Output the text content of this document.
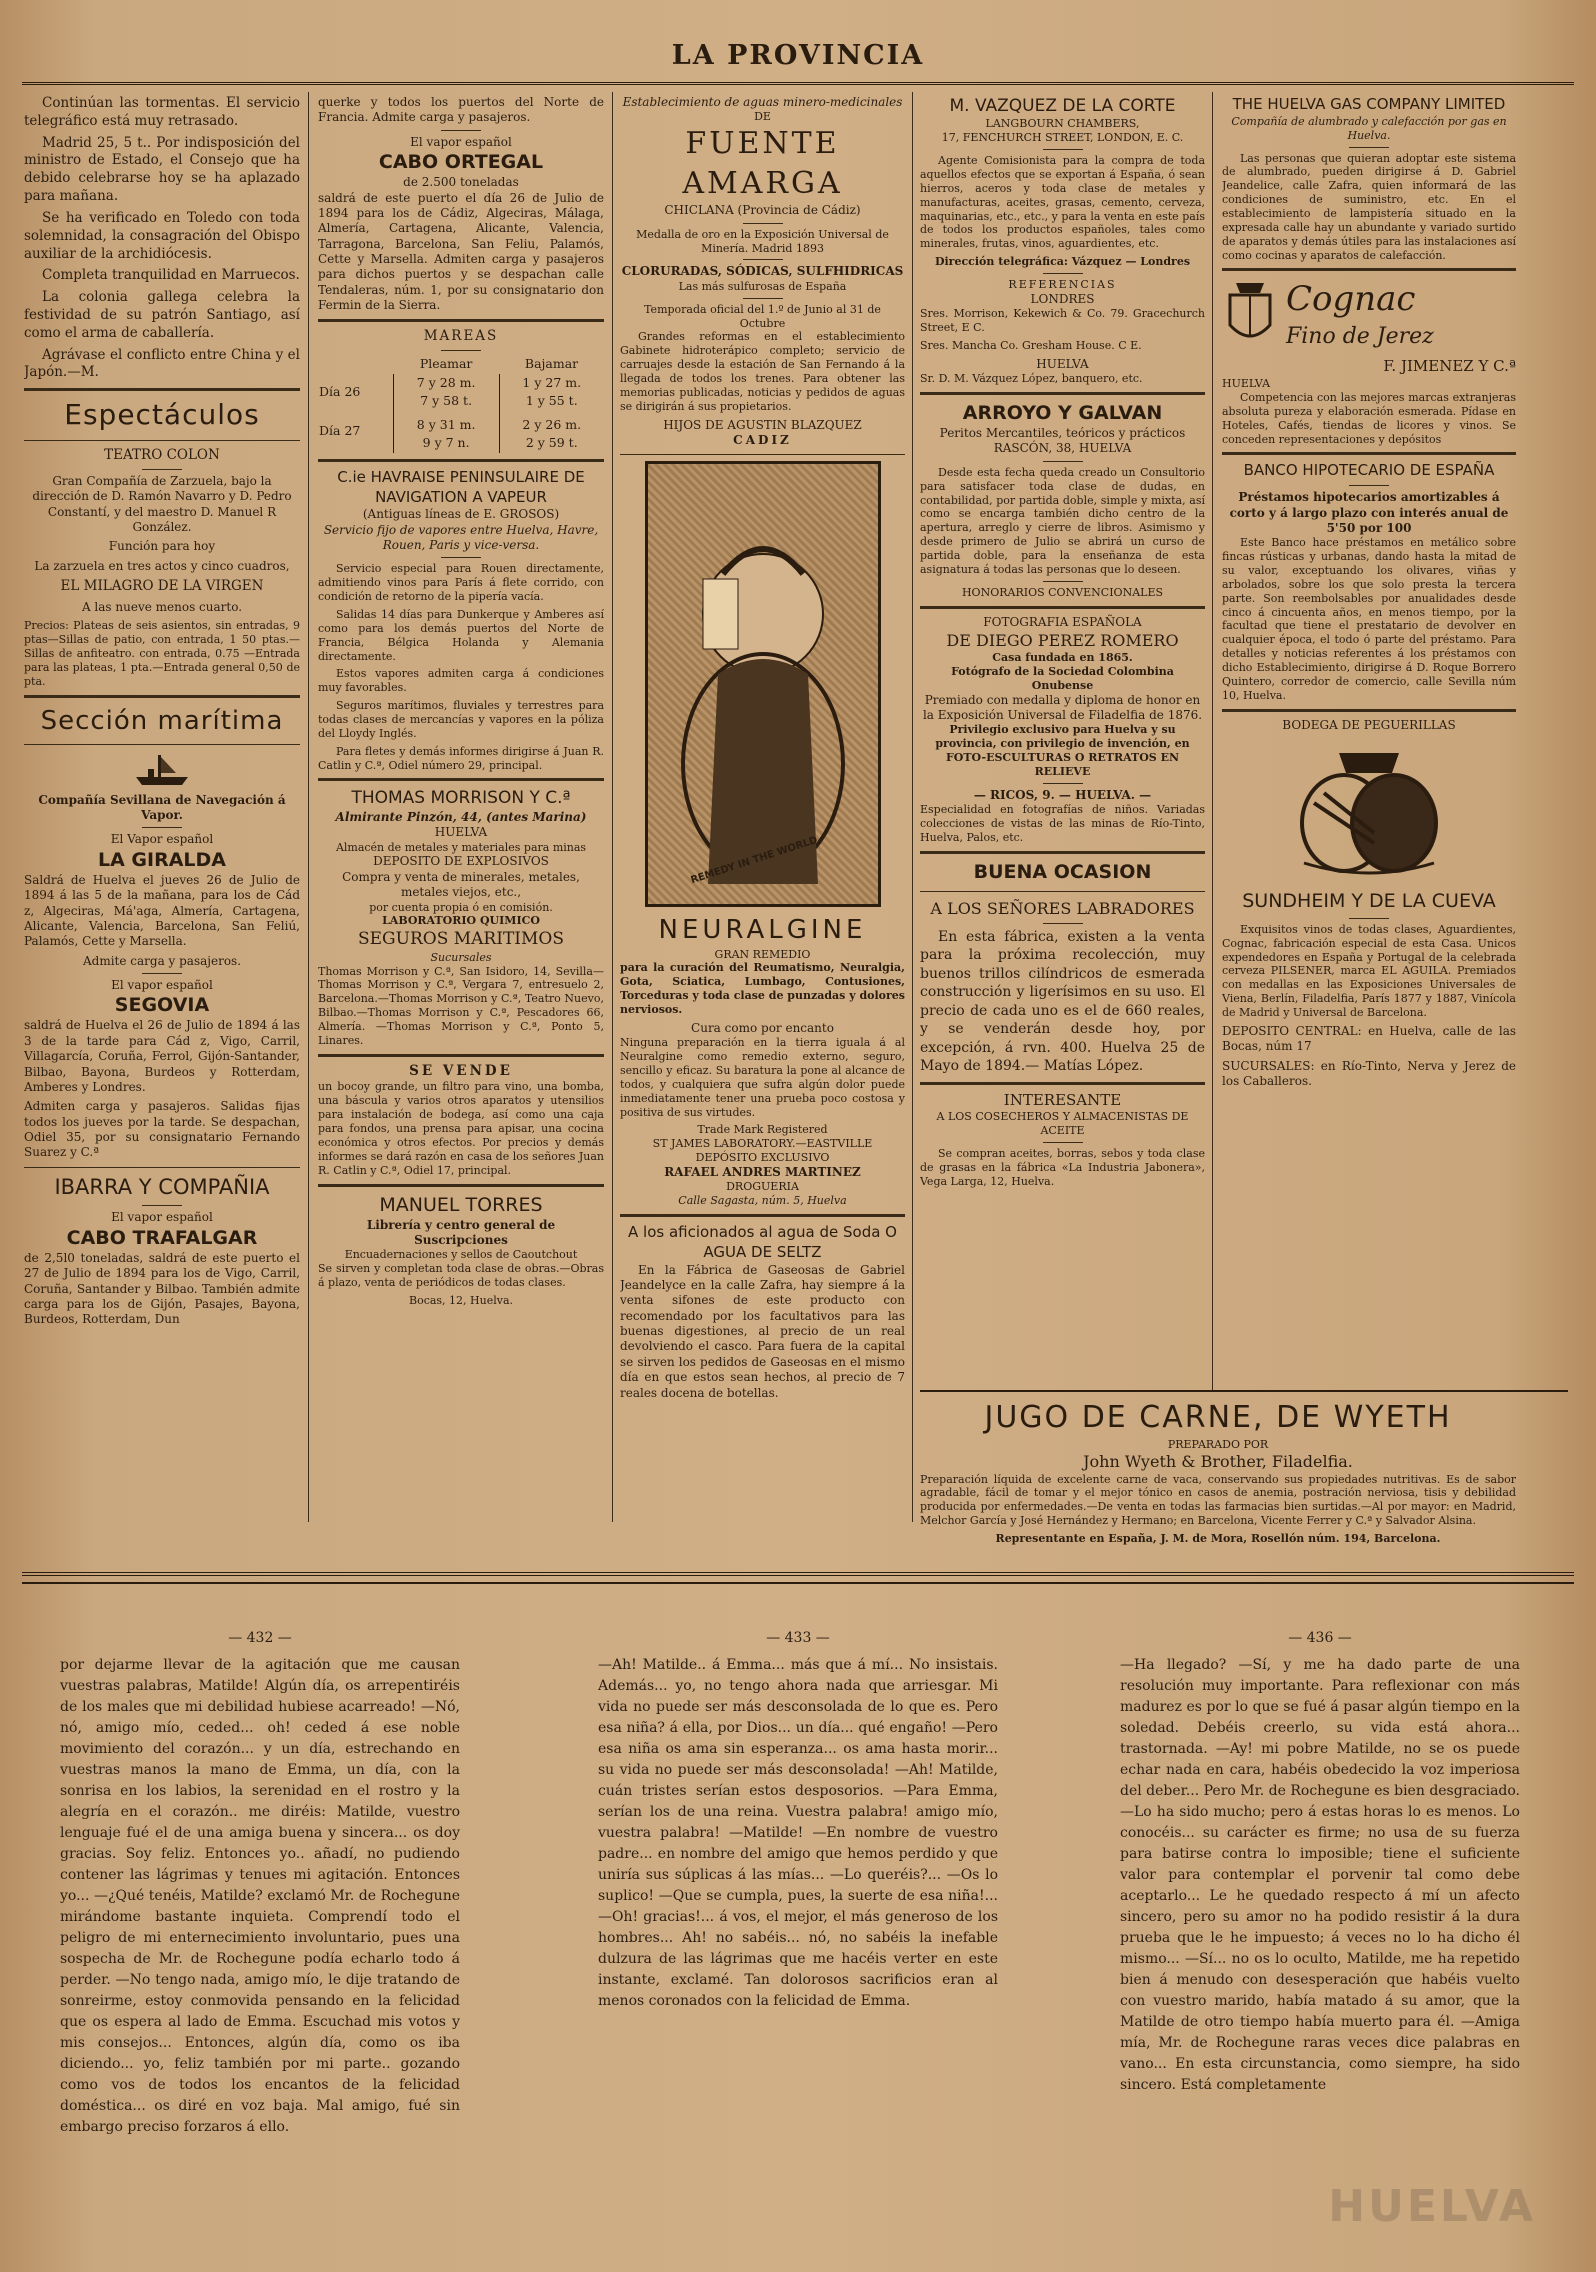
LA PROVINCIA

Continúan las tormentas. El servicio telegráfico está muy retrasado.

Madrid 25, 5 t.. Por indisposición del ministro de Estado, el Consejo que ha debido celebrarse hoy se ha aplazado para mañana.

Se ha verificado en Toledo con toda solemnidad, la consagración del Obispo auxiliar de la archidiócesis.

Completa tranquilidad en Marruecos.

La colonia gallega celebra la festividad de su patrón Santiago, así como el arma de caballería.

Agrávase el conflicto entre China y el Japón.—M.

Espectáculos
TEATRO COLON

Gran Compañía de Zarzuela, bajo la dirección de D. Ramón Navarro y D. Pedro Constantí, y del maestro D. Manuel R González.

Función para hoy

La zarzuela en tres actos y cinco cuadros,

EL MILAGRO DE LA VIRGEN

A las nueve menos cuarto.

Precios: Plateas de seis asientos, sin entradas, 9 ptas—Sillas de patio, con entrada, 1 50 ptas.—Sillas de anfiteatro. con entrada, 0.75 —Entrada para las plateas, 1 pta.—Entrada general 0,50 de pta.

Sección marítima
Compañía Sevillana de Navegación á Vapor.
El Vapor español
LA GIRALDA

Saldrá de Huelva el jueves 26 de Julio de 1894 á las 5 de la mañana, para los de Cád z, Algeciras, Má'aga, Almería, Cartagena, Alicante, Valencia, Barcelona, San Feliú, Palamós, Cette y Marsella.

Admite carga y pasajeros.

El vapor español
SEGOVIA

saldrá de Huelva el 26 de Julio de 1894 á las 3 de la tarde para Cád z, Vigo, Carril, Villagarcía, Coruña, Ferrol, Gijón-Santander, Bilbao, Bayona, Burdeos y Rotterdam, Amberes y Londres.

Admiten carga y pasajeros. Salidas fijas todos los jueves por la tarde. Se despachan, Odiel 35, por su consignatario Fernando Suarez y C.ª

IBARRA Y COMPAÑIA
El vapor español
CABO TRAFALGAR

de 2,5l0 toneladas, saldrá de este puerto el 27 de Julio de 1894 para los de Vigo, Carril, Coruña, Santander y Bilbao. También admite carga para los de Gijón, Pasajes, Bayona, Burdeos, Rotterdam, Dun

querke y todos los puertos del Norte de Francia. Admite carga y pasajeros.

El vapor español
CABO ORTEGAL
de 2.500 toneladas

saldrá de este puerto el día 26 de Julio de 1894 para los de Cádiz, Algeciras, Málaga, Almería, Cartagena, Alicante, Valencia, Tarragona, Barcelona, San Feliu, Palamós, Cette y Marsella. Admiten carga y pasajeros para dichos puertos y se despachan calle Tendaleras, núm. 1, por su consignatario don Fermin de la Sierra.

MAREAS
	Pleamar	Bajamar
Día 26	7 y 28 m.	1 y 27 m.
	7 y 58 t.	1 y 55 t.
Día 27	8 y 31 m.	2 y 26 m.
	9 y 7 n.	2 y 59 t.
C.ie HAVRAISE PENINSULAIRE DE NAVIGATION A VAPEUR
(Antiguas líneas de E. GROSOS)
Servicio fijo de vapores entre Huelva, Havre, Rouen, Paris y vice-versa.

Servicio especial para Rouen directamente, admitiendo vinos para París á flete corrido, con condición de retorno de la pipería vacía.

Salidas 14 días para Dunkerque y Amberes así como para los demás puertos del Norte de Francia, Bélgica Holanda y Alemania directamente.

Estos vapores admiten carga á condiciones muy favorables.

Seguros marítimos, fluviales y terrestres para todas clases de mercancías y vapores en la póliza del Lloydy Inglés.

Para fletes y demás informes dirigirse á Juan R. Catlin y C.ª, Odiel número 29, principal.

THOMAS MORRISON Y C.ª
Almirante Pinzón, 44, (antes Marina)
HUELVA
Almacén de metales y materiales para minas
DEPOSITO DE EXPLOSIVOS
Compra y venta de minerales, metales, metales viejos, etc.,
por cuenta propia ó en comisión.
LABORATORIO QUIMICO
SEGUROS MARITIMOS
Sucursales

Thomas Morrison y C.ª, San Isidoro, 14, Sevilla—Thomas Morrison y C.ª, Vergara 7, entresuelo 2, Barcelona.—Thomas Morrison y C.ª, Teatro Nuevo, Bilbao.—Thomas Morrison y C.ª, Pescadores 66, Almería. —Thomas Morrison y C.ª, Ponto 5, Linares.

SE VENDE

un bocoy grande, un filtro para vino, una bomba, una báscula y varios otros aparatos y utensilios para instalación de bodega, así como una caja para fondos, una prensa para apisar, una cocina económica y otros efectos. Por precios y demás informes se dará razón en casa de los señores Juan R. Catlin y C.ª, Odiel 17, principal.

MANUEL TORRES
Librería y centro general de Suscripciones
Encuadernaciones y sellos de Caoutchout

Se sirven y completan toda clase de obras.—Obras á plazo, venta de periódicos de todas clases.

Bocas, 12, Huelva.
Establecimiento de aguas minero-medicinales
DE
FUENTE AMARGA
CHICLANA (Provincia de Cádiz)
Medalla de oro en la Exposición Universal de Minería. Madrid 1893
CLORURADAS, SÓDICAS, SULFHIDRICAS
Las más sulfurosas de España
Temporada oficial del 1.º de Junio al 31 de Octubre

Grandes reformas en el establecimiento Gabinete hidroterápico completo; servicio de carruajes desde la estación de San Fernando á la llegada de todos los trenes. Para obtener las memorias publicadas, noticias y pedidos de aguas se dirigirán á sus propietarios.

HIJOS DE AGUSTIN BLAZQUEZ
CADIZ
REMEDY IN THE WORLD
NEURALGINE
GRAN REMEDIO

para la curación del Reumatismo, Neuralgia, Gota, Sciatica, Lumbago, Contusiones, Torceduras y toda clase de punzadas y dolores nerviosos.

Cura como por encanto

Ninguna preparación en la tierra iguala á al Neuralgine como remedio externo, seguro, sencillo y eficaz. Su baratura la pone al alcance de todos, y cualquiera que sufra algún dolor puede inmediatamente tener una prueba poco costosa y positiva de sus virtudes.

Trade Mark Registered
ST JAMES LABORATORY.—EASTVILLE
DEPÓSITO EXCLUSIVO
RAFAEL ANDRES MARTINEZ
DROGUERIA
Calle Sagasta, núm. 5, Huelva
A los aficionados al agua de Soda O AGUA DE SELTZ

En la Fábrica de Gaseosas de Gabriel Jeandelyce en la calle Zafra, hay siempre á la venta sifones de este producto con recomendado por los facultativos para las buenas digestiones, al precio de un real devolviendo el casco. Para fuera de la capital se sirven los pedidos de Gaseosas en el mismo día en que estos sean hechos, al precio de 7 reales docena de botellas.

M. VAZQUEZ DE LA CORTE
LANGBOURN CHAMBERS,
17, FENCHURCH STREET, LONDON, E. C.

Agente Comisionista para la compra de toda aquellos efectos que se exportan á España, ó sean hierros, aceros y toda clase de metales y manufacturas, aceites, grasas, cemento, cerveza, maquinarias, etc., etc., y para la venta en este país de todos los productos españoles, tales como minerales, frutas, vinos, aguardientes, etc.

Dirección telegráfica: Vázquez — Londres
REFERENCIAS
LONDRES

Sres. Morrison, Kekewich & Co. 79. Gracechurch Street, E C.

Sres. Mancha Co. Gresham House. C E.

HUELVA

Sr. D. M. Vázquez López, banquero, etc.

ARROYO Y GALVAN
Peritos Mercantiles, teóricos y prácticos
RASCÓN, 38, HUELVA

Desde esta fecha queda creado un Consultorio para satisfacer toda clase de dudas, en contabilidad, por partida doble, simple y mixta, así como se encarga también dicho centro de la apertura, arreglo y cierre de libros. Asimismo y desde primero de Julio se abrirá un curso de partida doble, para la enseñanza de esta asignatura á todas las personas que lo deseen.

HONORARIOS CONVENCIONALES
FOTOGRAFIA ESPAÑOLA
DE DIEGO PEREZ ROMERO
Casa fundada en 1865.
Fotógrafo de la Sociedad Colombina Onubense
Premiado con medalla y diploma de honor en la Exposición Universal de Filadelfia de 1876.
Privilegio exclusivo para Huelva y su provincia, con privilegio de invención, en
FOTO-ESCULTURAS O RETRATOS EN RELIEVE
— RICOS, 9. — HUELVA. —

Especialidad en fotografías de niños. Variadas colecciones de vistas de las minas de Río-Tinto, Huelva, Palos, etc.

BUENA OCASION
A LOS SEÑORES LABRADORES

En esta fábrica, existen a la venta para la próxima recolección, muy buenos trillos cilíndricos de esmerada construcción y ligerísimos en su uso. El precio de cada uno es el de 660 reales, y se venderán desde hoy, por excepción, á rvn. 400. Huelva 25 de Mayo de 1894.— Matías López.

INTERESANTE
A LOS COSECHEROS Y ALMACENISTAS DE ACEITE

Se compran aceites, borras, sebos y toda clase de grasas en la fábrica «La Industria Jabonera», Vega Larga, 12, Huelva.

THE HUELVA GAS COMPANY LIMITED
Compañía de alumbrado y calefacción por gas en Huelva.

Las personas que quieran adoptar este sistema de alumbrado, pueden dirigirse á D. Gabriel Jeandelice, calle Zafra, quien informará de las condiciones de suministro, etc. En el establecimiento de lampistería situado en la expresada calle hay un abundante y variado surtido de aparatos y demás útiles para las instalaciones así como cocinas y aparatos de calefacción.

Cognac
Fino de Jerez
F. JIMENEZ Y C.ª
HUELVA

Competencia con las mejores marcas extranjeras absoluta pureza y elaboración esmerada. Pídase en Hoteles, Cafés, tiendas de licores y vinos. Se conceden representaciones y depósitos

BANCO HIPOTECARIO DE ESPAÑA
Préstamos hipotecarios amortizables á corto y á largo plazo con interés anual de 5'50 por 100

Este Banco hace préstamos en metálico sobre fincas rústicas y urbanas, dando hasta la mitad de su valor, exceptuando los olivares, viñas y arbolados, sobre los que solo presta la tercera parte. Son reembolsables por anualidades desde cinco á cincuenta años, en menos tiempo, por la facultad que tiene el prestatario de devolver en cualquier época, el todo ó parte del préstamo. Para detalles y noticias referentes á los préstamos con dicho Establecimiento, dirigirse á D. Roque Borrero Quintero, corredor de comercio, calle Sevilla núm 10, Huelva.

BODEGA DE PEGUERILLAS
SUNDHEIM Y DE LA CUEVA

Exquisitos vinos de todas clases, Aguardientes, Cognac, fabricación especial de esta Casa. Unicos expendedores en España y Portugal de la celebrada cerveza PILSENER, marca EL AGUILA. Premiados con medallas en las Exposiciones Universales de Viena, Berlín, Filadelfia, París 1877 y 1887, Vinícola de Madrid y Universal de Barcelona.

DEPOSITO CENTRAL: en Huelva, calle de las Bocas, núm 17

SUCURSALES: en Río-Tinto, Nerva y Jerez de los Caballeros.

JUGO DE CARNE, DE WYETH
PREPARADO POR
John Wyeth & Brother, Filadelfia.

Preparación líquida de excelente carne de vaca, conservando sus propiedades nutritivas. Es de sabor agradable, fácil de tomar y el mejor tónico en casos de anemia, postración nerviosa, tisis y debilidad producida por enfermedades.—De venta en todas las farmacias bien surtidas.—Al por mayor: en Madrid, Melchor García y José Hernández y Hermano; en Barcelona, Vicente Ferrer y C.ª y Salvador Alsina.

Representante en España, J. M. de Mora, Rosellón núm. 194, Barcelona.
— 432 —

por dejarme llevar de la agitación que me causan vuestras palabras, Matilde! Algún día, os arrepentiréis de los males que mi debilidad hubiese acarreado! —Nó, nó, amigo mío, ceded... oh! ceded á ese noble movimiento del corazón... y un día, estrechando en vuestras manos la mano de Emma, un día, con la sonrisa en los labios, la serenidad en el rostro y la alegría en el corazón.. me diréis: Matilde, vuestro lenguaje fué el de una amiga buena y sincera... os doy gracias. Soy feliz. Entonces yo.. añadí, no pudiendo contener las lágrimas y tenues mi agitación. Entonces yo... —¿Qué tenéis, Matilde? exclamó Mr. de Rochegune mirándome bastante inquieta. Comprendí todo el peligro de mi enternecimiento involuntario, pues una sospecha de Mr. de Rochegune podía echarlo todo á perder. —No tengo nada, amigo mío, le dije tratando de sonreirme, estoy conmovida pensando en la felicidad que os espera al lado de Emma. Escuchad mis votos y mis consejos... Entonces, algún día, como os iba diciendo... yo, feliz también por mi parte.. gozando como vos de todos los encantos de la felicidad doméstica... os diré en voz baja. Mal amigo, fué sin embargo preciso forzaros á ello.

— 433 —

—Ah! Matilde.. á Emma... más que á mí... No insistais. Además... yo, no tengo ahora nada que arriesgar. Mi vida no puede ser más desconsolada de lo que es. Pero esa niña? á ella, por Dios... un día... qué engaño! —Pero esa niña os ama sin esperanza... os ama hasta morir... su vida no puede ser más desconsolada! —Ah! Matilde, cuán tristes serían estos desposorios. —Para Emma, serían los de una reina. Vuestra palabra! amigo mío, vuestra palabra! —Matilde! —En nombre de vuestro padre... en nombre del amigo que hemos perdido y que uniría sus súplicas á las mías... —Lo queréis?... —Os lo suplico! —Que se cumpla, pues, la suerte de esa niña!... —Oh! gracias!... á vos, el mejor, el más generoso de los hombres... Ah! no sabéis... nó, no sabéis la inefable dulzura de las lágrimas que me hacéis verter en este instante, exclamé. Tan dolorosos sacrificios eran al menos coronados con la felicidad de Emma.

— 436 —

—Ha llegado? —Sí, y me ha dado parte de una resolución muy importante. Para reflexionar con más madurez es por lo que se fué á pasar algún tiempo en la soledad. Debéis creerlo, su vida está ahora... trastornada. —Ay! mi pobre Matilde, no se os puede echar nada en cara, habéis obedecido la voz imperiosa del deber... Pero Mr. de Rochegune es bien desgraciado. —Lo ha sido mucho; pero á estas horas lo es menos. Lo conocéis... su carácter es firme; no usa de su fuerza para batirse contra lo imposible; tiene el suficiente valor para contemplar el porvenir tal como debe aceptarlo... Le he quedado respecto á mí un afecto sincero, pero su amor no ha podido resistir á la dura prueba que le he impuesto; á veces no lo ha dicho él mismo... —Sí... no os lo oculto, Matilde, me ha repetido bien á menudo con desesperación que habéis vuelto con vuestro marido, había matado á su amor, que la Matilde de otro tiempo había muerto para él. —Amiga mía, Mr. de Rochegune raras veces dice palabras en vano... En esta circunstancia, como siempre, ha sido sincero. Está completamente

HUELVA
